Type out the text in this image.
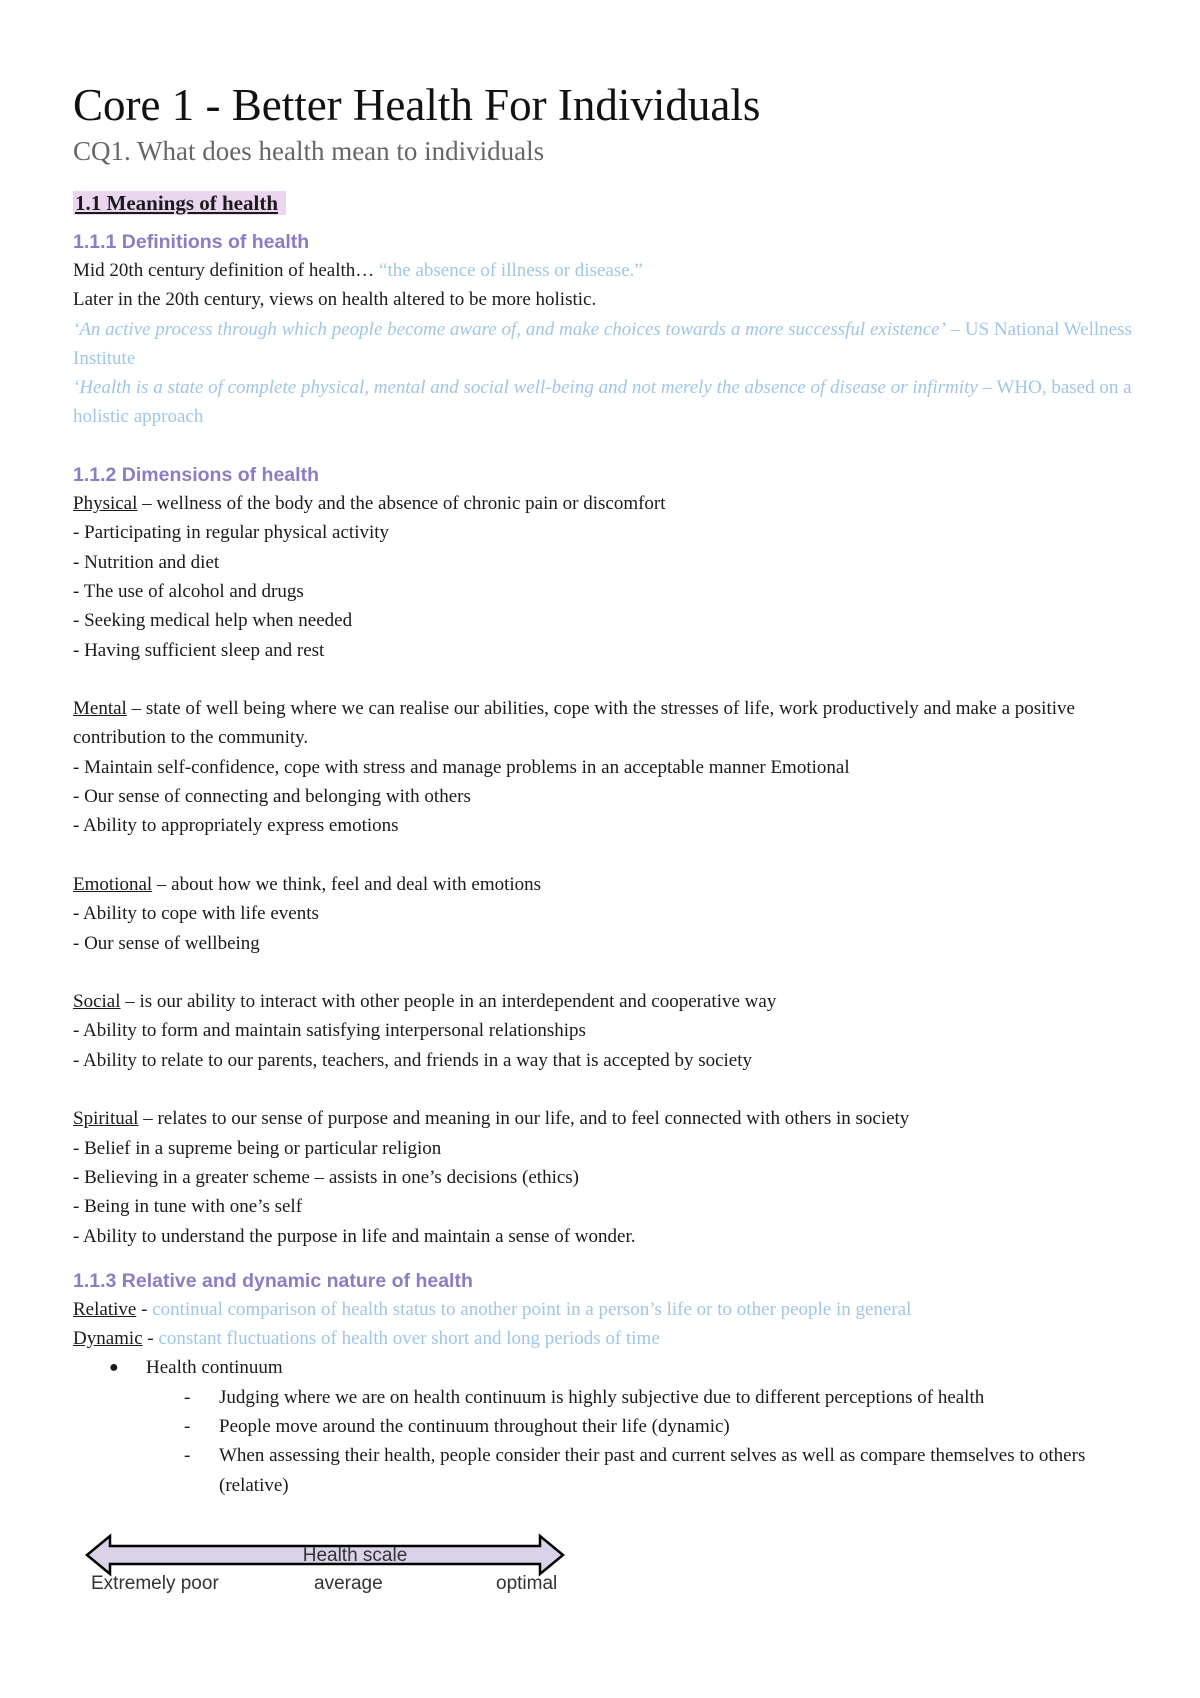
Core 1 - Better Health For Individuals
CQ1. What does health mean to individuals
1.1 Meanings of health
1.1.1 Definitions of health
Mid 20th century definition of health… “the absence of illness or disease.”
Later in the 20th century, views on health altered to be more holistic.
‘An active process through which people become aware of, and make choices towards a more successful existence’ – US National Wellness Institute
‘Health is a state of complete physical, mental and social well-being and not merely the absence of disease or infirmity – WHO, based on a holistic approach
1.1.2 Dimensions of health
Physical – wellness of the body and the absence of chronic pain or discomfort
- Participating in regular physical activity
- Nutrition and diet
- The use of alcohol and drugs
- Seeking medical help when needed
- Having sufficient sleep and rest
Mental – state of well being where we can realise our abilities, cope with the stresses of life, work productively and make a positive contribution to the community.
- Maintain self-confidence, cope with stress and manage problems in an acceptable manner Emotional
- Our sense of connecting and belonging with others
- Ability to appropriately express emotions
Emotional – about how we think, feel and deal with emotions
- Ability to cope with life events
- Our sense of wellbeing
Social – is our ability to interact with other people in an interdependent and cooperative way
- Ability to form and maintain satisfying interpersonal relationships
- Ability to relate to our parents, teachers, and friends in a way that is accepted by society
Spiritual – relates to our sense of purpose and meaning in our life, and to feel connected with others in society
- Belief in a supreme being or particular religion
- Believing in a greater scheme – assists in one’s decisions (ethics)
- Being in tune with one’s self
- Ability to understand the purpose in life and maintain a sense of wonder.
1.1.3 Relative and dynamic nature of health
Relative - continual comparison of health status to another point in a person’s life or to other people in general
Dynamic - constant fluctuations of health over short and long periods of time
● Health continuum
- Judging where we are on health continuum is highly subjective due to different perceptions of health
- People move around the continuum throughout their life (dynamic)
- When assessing their health, people consider their past and current selves as well as compare themselves to others (relative)
Health scale
Extremely poor	average	optimal
